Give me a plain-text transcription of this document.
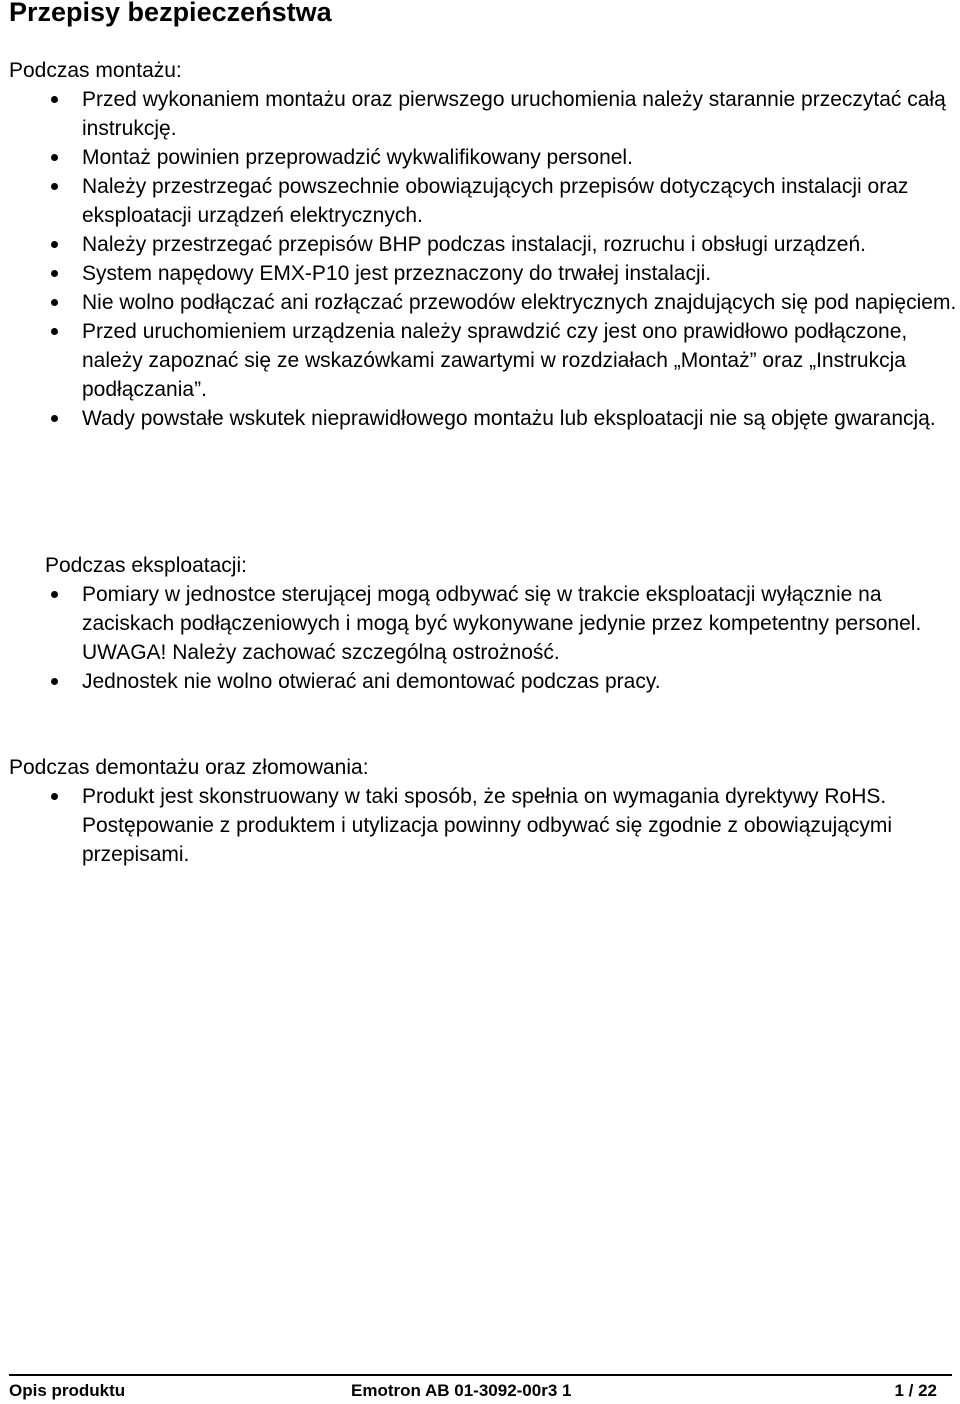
Przepisy bezpieczeństwa
Podczas montażu:
Przed wykonaniem montażu oraz pierwszego uruchomienia należy starannie przeczytać całą instrukcję.
Montaż powinien przeprowadzić wykwalifikowany personel.
Należy przestrzegać powszechnie obowiązujących przepisów dotyczących instalacji oraz eksploatacji urządzeń elektrycznych.
Należy przestrzegać przepisów BHP podczas instalacji, rozruchu i obsługi urządzeń.
System napędowy EMX-P10 jest przeznaczony do trwałej instalacji.
Nie wolno podłączać ani rozłączać przewodów elektrycznych znajdujących się pod napięciem.
Przed uruchomieniem urządzenia należy sprawdzić czy jest ono prawidłowo podłączone, należy zapoznać się ze wskazówkami zawartymi w rozdziałach „Montaż” oraz „Instrukcja podłączania”.
Wady powstałe wskutek nieprawidłowego montażu lub eksploatacji nie są objęte gwarancją.
Podczas eksploatacji:
Pomiary w jednostce sterującej mogą odbywać się w trakcie eksploatacji wyłącznie na zaciskach podłączeniowych i mogą być wykonywane jedynie przez kompetentny personel.
UWAGA! Należy zachować szczególną ostrożność.
Jednostek nie wolno otwierać ani demontować podczas pracy.
Podczas demontażu oraz złomowania:
Produkt jest skonstruowany w taki sposób, że spełnia on wymagania dyrektywy RoHS. Postępowanie z produktem i utylizacja powinny odbywać się zgodnie z obowiązującymi przepisami.
Opis produktu	Emotron AB 01-3092-00r3 1	1 / 22
